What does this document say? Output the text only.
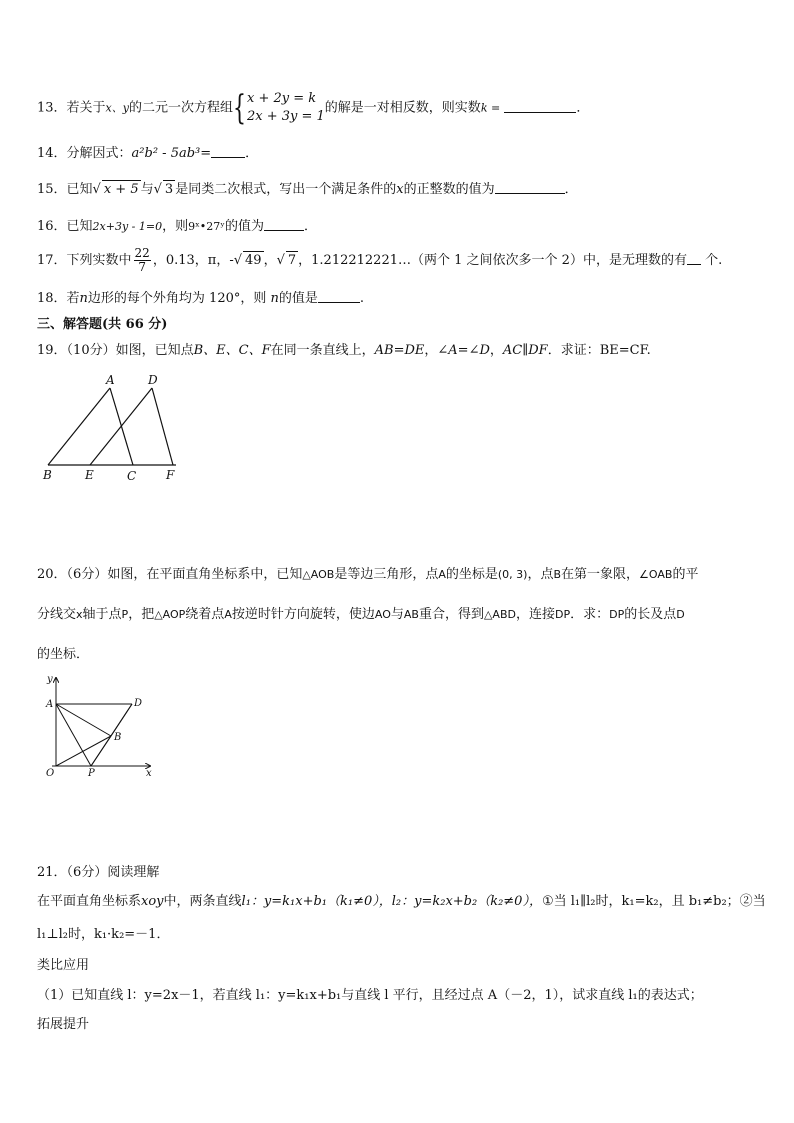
13．若关于x、y的二元一次方程组 { x + 2y = k
2x + 3y = 1
的解是一对相反数，则实数k =	．
14．分解因式：a²b² - 5ab³=	．
15．已知√ x + 5 与√ 3 是同类二次根式，写出一个满足条件的x的正整数的值为	．
16．已知2x+3y - 1=0，则9ˣ•27ʸ的值为	．
17．下列实数中 $\frac{22}{7}$ ，0.13，π，-√ 49 ，√ 7 ，1.212212221…（两个 1 之间依次多一个 2）中，是无理数的有 个.
18．若n边形的每个外角均为 120°，则 n的值是	.
三、解答题(共 66 分)
19．（10分）如图，已知点B、E、C、F在同一条直线上，AB=DE，∠A=∠D，AC∥DF．求证：BE=CF.
A	D
B	E	C F
20．（6分）如图，在平面直角坐标系中，已知△AOB是等边三角形，点A的坐标是(0, 3)，点B在第一象限，∠OAB的平
分线交x轴于点P，把△AOP绕着点A按逆时针方向旋转，使边AO与AB重合，得到△ABD，连接DP．求：DP的长及点D
的坐标．
y
A	D
B
O	P	x
21．（6分）阅读理解
在平面直角坐标系xoy中，两条直线l₁：y=k₁x+b₁（k₁≠0），l₂：y=k₂x+b₂（k₂≠0），①当 l₁∥l₂时，k₁=k₂，且 b₁≠b₂；②当
l₁⊥l₂时，k₁·k₂=－1．
类比应用
（1）已知直线 l：y=2x－1，若直线 l₁：y=k₁x+b₁与直线 l 平行，且经过点 A（－2，1），试求直线 l₁的表达式；
拓展提升
